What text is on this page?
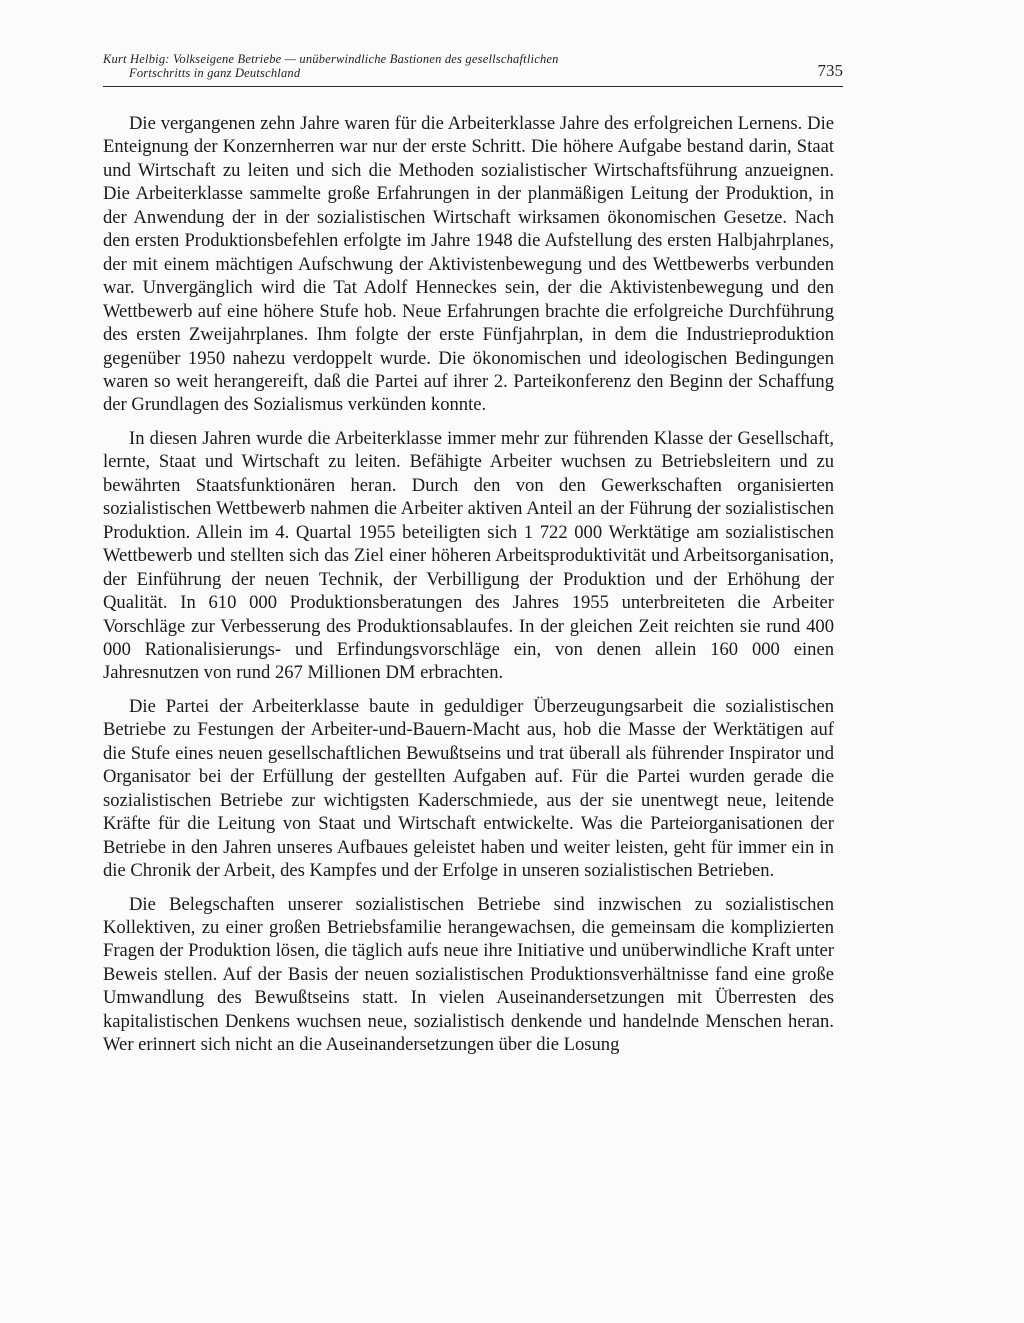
Kurt Helbig: Volkseigene Betriebe — unüberwindliche Bastionen des gesellschaftlichen
Fortschritts in ganz Deutschland	735

Die vergangenen zehn Jahre waren für die Arbeiterklasse Jahre des erfolgreichen Lernens. Die Enteignung der Konzernherren war nur der erste Schritt. Die höhere Aufgabe bestand darin, Staat und Wirtschaft zu leiten und sich die Methoden sozialistischer Wirtschaftsführung anzueignen. Die Arbeiterklasse sammelte große Erfahrungen in der planmäßigen Leitung der Produktion, in der Anwendung der in der sozialistischen Wirtschaft wirksamen ökonomischen Gesetze. Nach den ersten Produktionsbefehlen erfolgte im Jahre 1948 die Aufstellung des ersten Halbjahrplanes, der mit einem mächtigen Aufschwung der Aktivistenbewegung und des Wettbewerbs verbunden war. Unvergänglich wird die Tat Adolf Henneckes sein, der die Aktivistenbewegung und den Wettbewerb auf eine höhere Stufe hob. Neue Erfahrungen brachte die erfolgreiche Durchführung des ersten Zweijahrplanes. Ihm folgte der erste Fünfjahrplan, in dem die Industrieproduktion gegenüber 1950 nahezu verdoppelt wurde. Die ökonomischen und ideologischen Bedingungen waren so weit herangereift, daß die Partei auf ihrer 2. Parteikonferenz den Beginn der Schaffung der Grundlagen des Sozialismus verkünden konnte.

In diesen Jahren wurde die Arbeiterklasse immer mehr zur führenden Klasse der Gesellschaft, lernte, Staat und Wirtschaft zu leiten. Befähigte Arbeiter wuchsen zu Betriebsleitern und zu bewährten Staatsfunktionären heran. Durch den von den Gewerkschaften organisierten sozialistischen Wettbewerb nahmen die Arbeiter aktiven Anteil an der Führung der sozialistischen Produktion. Allein im 4. Quartal 1955 beteiligten sich 1 722 000 Werktätige am sozialistischen Wettbewerb und stellten sich das Ziel einer höheren Arbeitsproduktivität und Arbeitsorganisation, der Einführung der neuen Technik, der Verbilligung der Produktion und der Erhöhung der Qualität. In 610 000 Produktionsberatungen des Jahres 1955 unterbreiteten die Arbeiter Vorschläge zur Verbesserung des Produktionsablaufes. In der gleichen Zeit reichten sie rund 400 000 Rationalisierungs- und Erfindungsvorschläge ein, von denen allein 160 000 einen Jahresnutzen von rund 267 Millionen DM erbrachten.

Die Partei der Arbeiterklasse baute in geduldiger Überzeugungsarbeit die sozialistischen Betriebe zu Festungen der Arbeiter-und-Bauern-Macht aus, hob die Masse der Werktätigen auf die Stufe eines neuen gesellschaftlichen Bewußtseins und trat überall als führender Inspirator und Organisator bei der Erfüllung der gestellten Aufgaben auf. Für die Partei wurden gerade die sozialistischen Betriebe zur wichtigsten Kaderschmiede, aus der sie unentwegt neue, leitende Kräfte für die Leitung von Staat und Wirtschaft entwickelte. Was die Parteiorganisationen der Betriebe in den Jahren unseres Aufbaues geleistet haben und weiter leisten, geht für immer ein in die Chronik der Arbeit, des Kampfes und der Erfolge in unseren sozialistischen Betrieben.

Die Belegschaften unserer sozialistischen Betriebe sind inzwischen zu sozialistischen Kollektiven, zu einer großen Betriebsfamilie herangewachsen, die gemeinsam die komplizierten Fragen der Produktion lösen, die täglich aufs neue ihre Initiative und unüberwindliche Kraft unter Beweis stellen. Auf der Basis der neuen sozialistischen Produktionsverhältnisse fand eine große Umwandlung des Bewußtseins statt. In vielen Auseinandersetzungen mit Überresten des kapitalistischen Denkens wuchsen neue, sozialistisch denkende und handelnde Menschen heran. Wer erinnert sich nicht an die Auseinandersetzungen über die Losung
